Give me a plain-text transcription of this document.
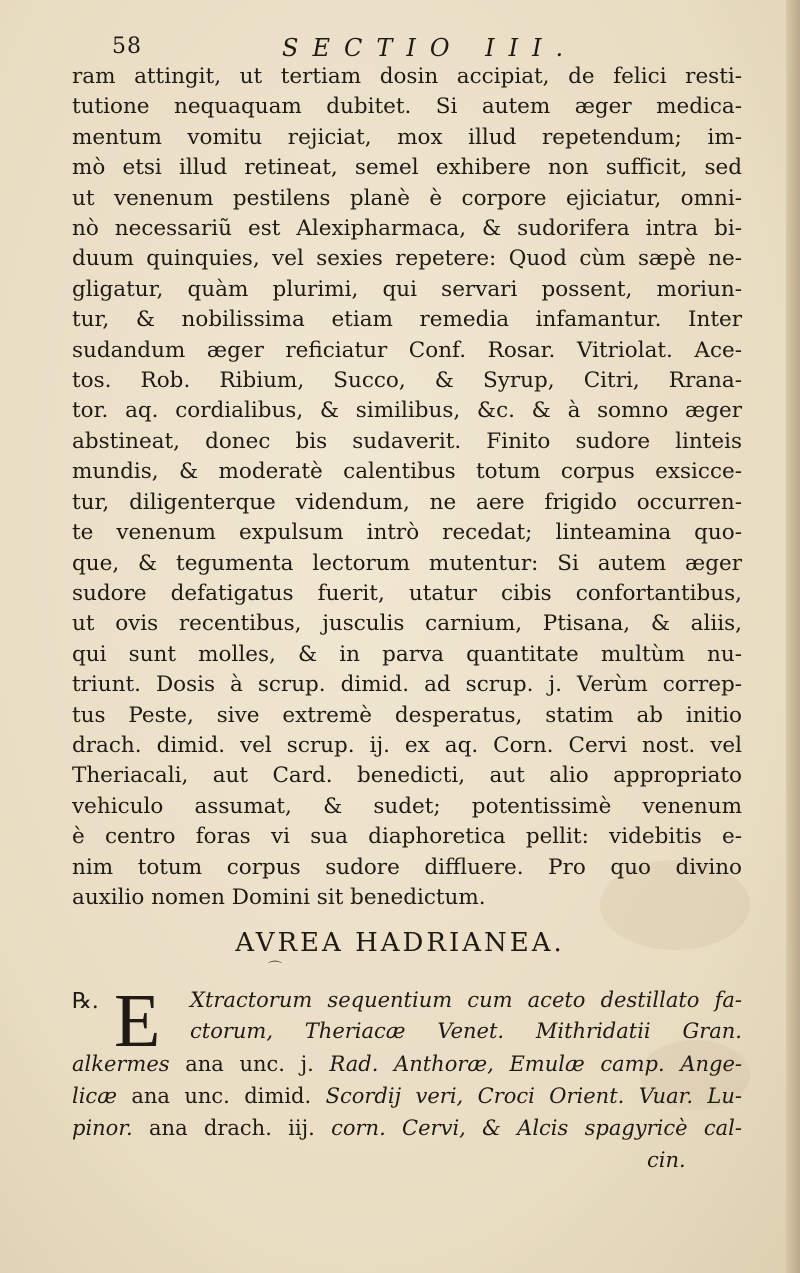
58	SECTIO III.
ram attingit, ut tertiam dosin accipiat, de felici resti-
tutione nequaquam dubitet. Si autem æger medica-
mentum vomitu rejiciat, mox illud repetendum; im-
mò etsi illud retineat, semel exhibere non sufficit, sed
ut venenum pestilens planè è corpore ejiciatur, omni-
nò necessariũ est Alexipharmaca, & sudorifera intra bi-
duum quinquies, vel sexies repetere: Quod cùm sæpè ne-
gligatur, quàm plurimi, qui servari possent, moriun-
tur, & nobilissima etiam remedia infamantur. Inter
sudandum æger reficiatur Conf. Rosar. Vitriolat. Ace-
tos. Rob. Ribium, Succo, & Syrup, Citri, Rrana-
tor. aq. cordialibus, & similibus, &c. & à somno æger
abstineat, donec bis sudaverit. Finito sudore linteis
mundis, & moderatè calentibus totum corpus exsicce-
tur, diligenterque videndum, ne aere frigido occurren-
te venenum expulsum intrò recedat; linteamina quo-
que, & tegumenta lectorum mutentur: Si autem æger
sudore defatigatus fuerit, utatur cibis confortantibus,
ut ovis recentibus, jusculis carnium, Ptisana, & aliis,
qui sunt molles, & in parva quantitate multùm nu-
triunt. Dosis à scrup. dimid. ad scrup. j. Verùm correp-
tus Peste, sive extremè desperatus, statim ab initio
drach. dimid. vel scrup. ij. ex aq. Corn. Cervi nost. vel
Theriacali, aut Card. benedicti, aut alio appropriato
vehiculo assumat, & sudet; potentissimè venenum
è centro foras vi sua diaphoretica pellit: videbitis e-
nim totum corpus sudore diffluere. Pro quo divino
auxilio nomen Domini sit benedictum.
AVREA HADRIANEA.
⌒
℞. E Xtractorum sequentium cum aceto destillato fa-
ctorum, Theriacæ Venet. Mithridatii Gran.
alkermes ana unc. j. Rad. Anthoræ, Emulæ camp. Ange-
licæ ana unc. dimid. Scordij veri, Croci Orient. Vuar. Lu-
pinor. ana drach. iij. corn. Cervi, & Alcis spagyricè cal-
cin.
